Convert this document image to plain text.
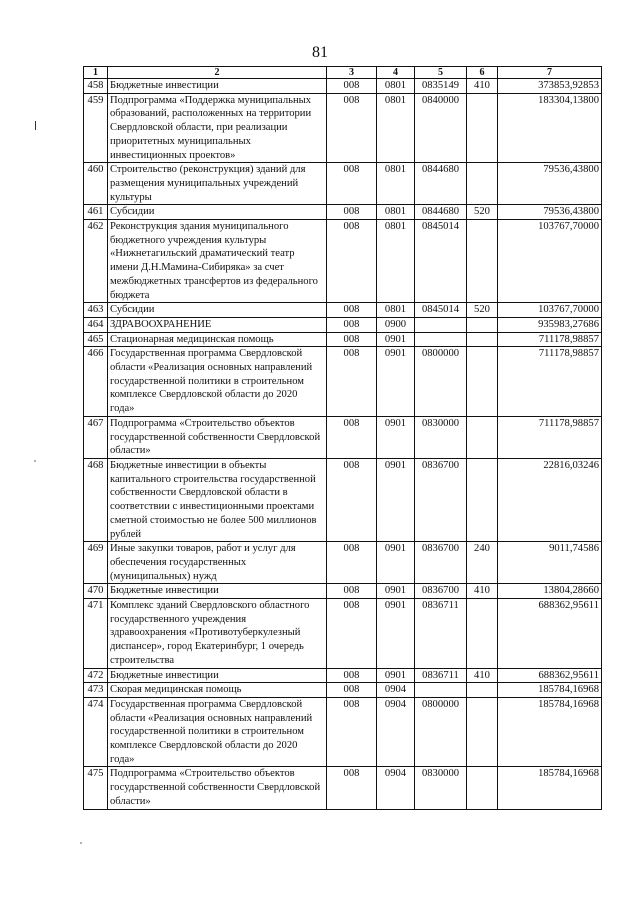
81
1	2	3	4	5	6	7
458	Бюджетные инвестиции	008	0801	0835149	410	373853,92853
459	Подпрограмма «Поддержка муниципальных образований, расположенных на территории Свердловской области, при реализации приоритетных муниципальных инвестиционных проектов»	008	0801	0840000		183304,13800
460	Строительство (реконструкция) зданий для размещения муниципальных учреждений культуры	008	0801	0844680		79536,43800
461	Субсидии	008	0801	0844680	520	79536,43800
462	Реконструкция здания муниципального бюджетного учреждения культуры «Нижнетагильский драматический театр имени Д.Н.Мамина-Сибиряка» за счет межбюджетных трансфертов из федерального бюджета	008	0801	0845014		103767,70000
463	Субсидии	008	0801	0845014	520	103767,70000
464	ЗДРАВООХРАНЕНИЕ	008	0900			935983,27686
465	Стационарная медицинская помощь	008	0901			711178,98857
466	Государственная программа Свердловской области «Реализация основных направлений государственной политики в строительном комплексе Свердловской области до 2020 года»	008	0901	0800000		711178,98857
467	Подпрограмма «Строительство объектов государственной собственности Свердловской области»	008	0901	0830000		711178,98857
468	Бюджетные инвестиции в объекты капитального строительства государственной собственности Свердловской области в соответствии с инвестиционными проектами сметной стоимостью не более 500 миллионов рублей	008	0901	0836700		22816,03246
469	Иные закупки товаров, работ и услуг для обеспечения государственных (муниципальных) нужд	008	0901	0836700	240	9011,74586
470	Бюджетные инвестиции	008	0901	0836700	410	13804,28660
471	Комплекс зданий Свердловского областного государственного учреждения здравоохранения «Противотуберкулезный диспансер», город Екатеринбург, 1 очередь строительства	008	0901	0836711		688362,95611
472	Бюджетные инвестиции	008	0901	0836711	410	688362,95611
473	Скорая медицинская помощь	008	0904			185784,16968
474	Государственная программа Свердловской области «Реализация основных направлений государственной политики в строительном комплексе Свердловской области до 2020 года»	008	0904	0800000		185784,16968
475	Подпрограмма «Строительство объектов государственной собственности Свердловской области»	008	0904	0830000		185784,16968
